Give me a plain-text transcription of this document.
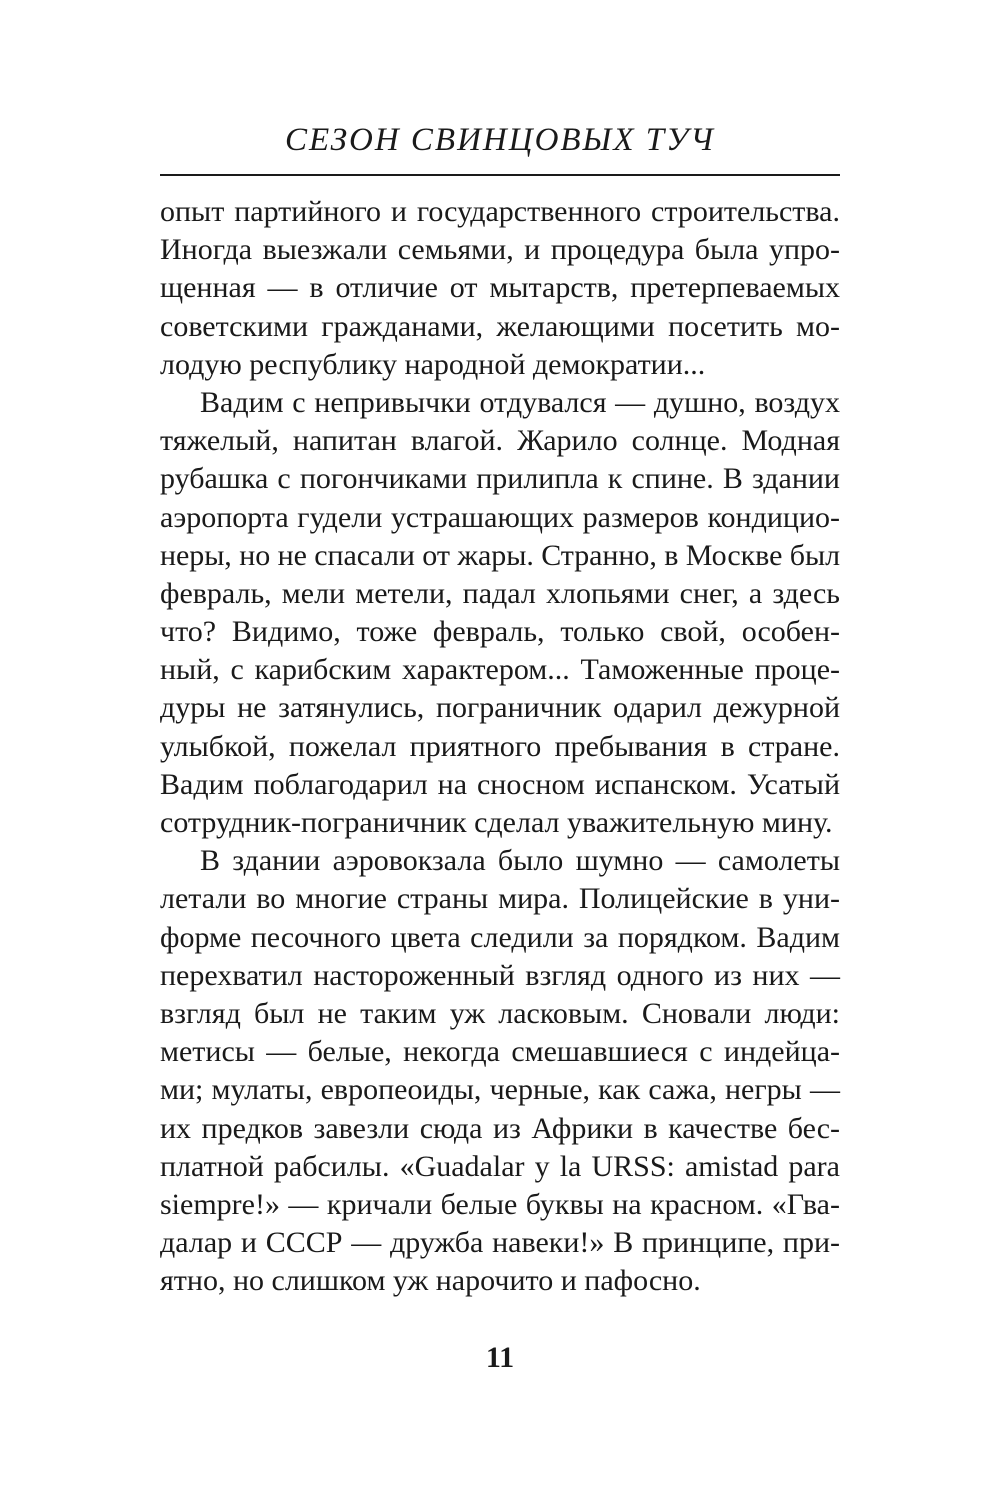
СЕЗОН СВИНЦОВЫХ ТУЧ
опыт партийного и государственного строительства.
Иногда выезжали семьями, и процедура была упро-
щенная — в отличие от мытарств, претерпеваемых
советскими гражданами, желающими посетить мо-
лодую республику народной демократии...
Вадим с непривычки отдувался — душно, воздух
тяжелый, напитан влагой. Жарило солнце. Модная
рубашка с погончиками прилипла к спине. В здании
аэропорта гудели устрашающих размеров кондицио-
неры, но не спасали от жары. Странно, в Москве был
февраль, мели метели, падал хлопьями снег, а здесь
что? Видимо, тоже февраль, только свой, особен-
ный, с карибским характером... Таможенные проце-
дуры не затянулись, пограничник одарил дежурной
улыбкой, пожелал приятного пребывания в стране.
Вадим поблагодарил на сносном испанском. Усатый
сотрудник-пограничник сделал уважительную мину.
В здании аэровокзала было шумно — самолеты
летали во многие страны мира. Полицейские в уни-
форме песочного цвета следили за порядком. Вадим
перехватил настороженный взгляд одного из них —
взгляд был не таким уж ласковым. Сновали люди:
метисы — белые, некогда смешавшиеся с индейца-
ми; мулаты, европеоиды, черные, как сажа, негры —
их предков завезли сюда из Африки в качестве бес-
платной рабсилы. «Guadalar y la URSS: amistad para
siempre!» — кричали белые буквы на красном. «Гва-
далар и СССР — дружба навеки!» В принципе, при-
ятно, но слишком уж нарочито и пафосно.
11
